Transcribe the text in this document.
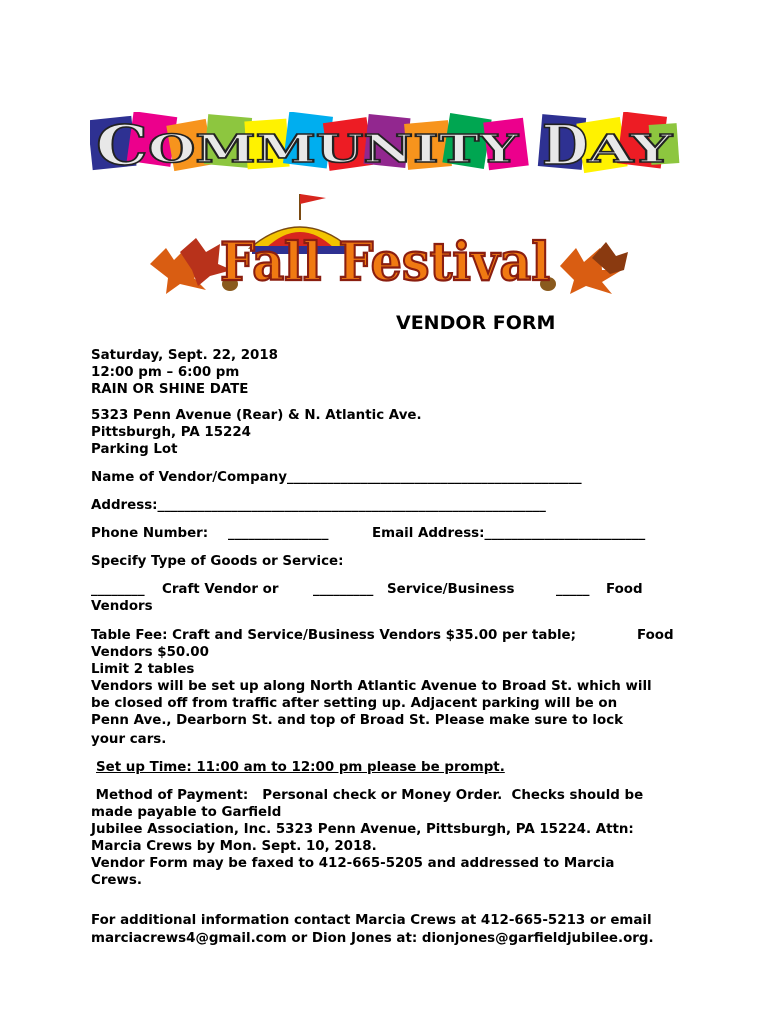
C OMMUNITY D
AY
Fall Festival

VENDOR FORM

Saturday, Sept. 22, 2018

12:00 pm – 6:00 pm

RAIN OR SHINE DATE

5323 Penn Avenue (Rear) & N. Atlantic Ave.

Pittsburgh, PA 15224

Parking Lot

Name of Vendor/Company____________________________________________

Address:__________________________________________________________

Phone Number: _______________	Email Address:________________________

Specify Type of Goods or Service:

________ Craft Vendor or	_________ Service/Business	_____ Food
Vendors
Table Fee: Craft and Service/Business Vendors $35.00 per table;	Food

Vendors $50.00

Limit 2 tables

Vendors will be set up along North Atlantic Avenue to Broad St. which will

be closed off from traffic after setting up. Adjacent parking will be on

Penn Ave., Dearborn St. and top of Broad St. Please make sure to lock

your cars.

Set up Time: 11:00 am to 12:00 pm please be prompt.

Method of Payment:   Personal check or Money Order.  Checks should be

made payable to Garfield

Jubilee Association, Inc. 5323 Penn Avenue, Pittsburgh, PA 15224. Attn:

Marcia Crews by Mon. Sept. 10, 2018.

Vendor Form may be faxed to 412-665-5205 and addressed to Marcia

Crews.

For additional information contact Marcia Crews at 412-665-5213 or email

marciacrews4@gmail.com or Dion Jones at: dionjones@garfieldjubilee.org.
